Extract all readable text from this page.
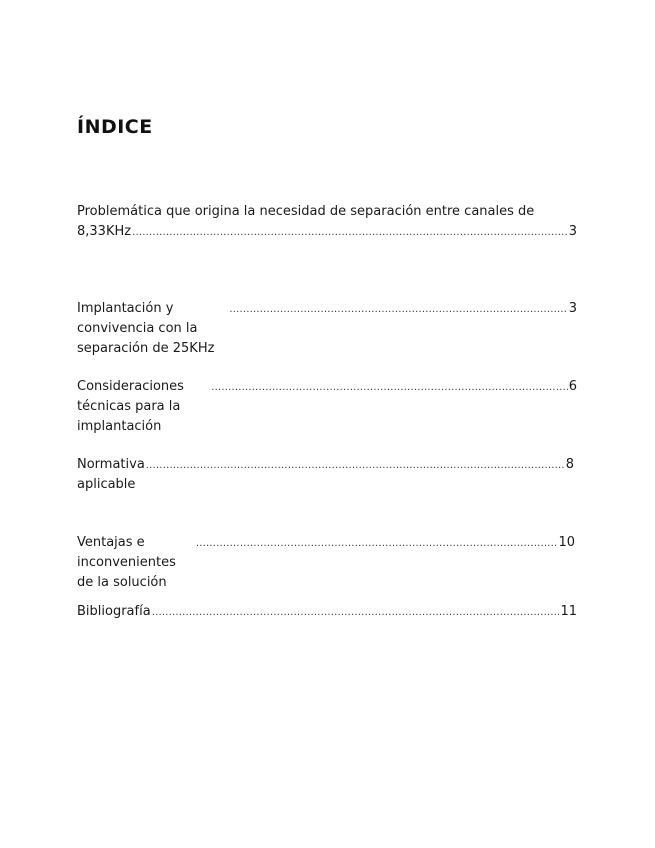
ÍNDICE
Problemática que origina la necesidad de separación entre canales de
8,33KHz .....	3
Implantación y convivencia con la separación de 25KHz
.....
3
Consideraciones técnicas para la implantación
.....
6
Normativa aplicable
.....
8
Ventajas e inconvenientes de la solución
.....
10
Bibliografía .....	11
